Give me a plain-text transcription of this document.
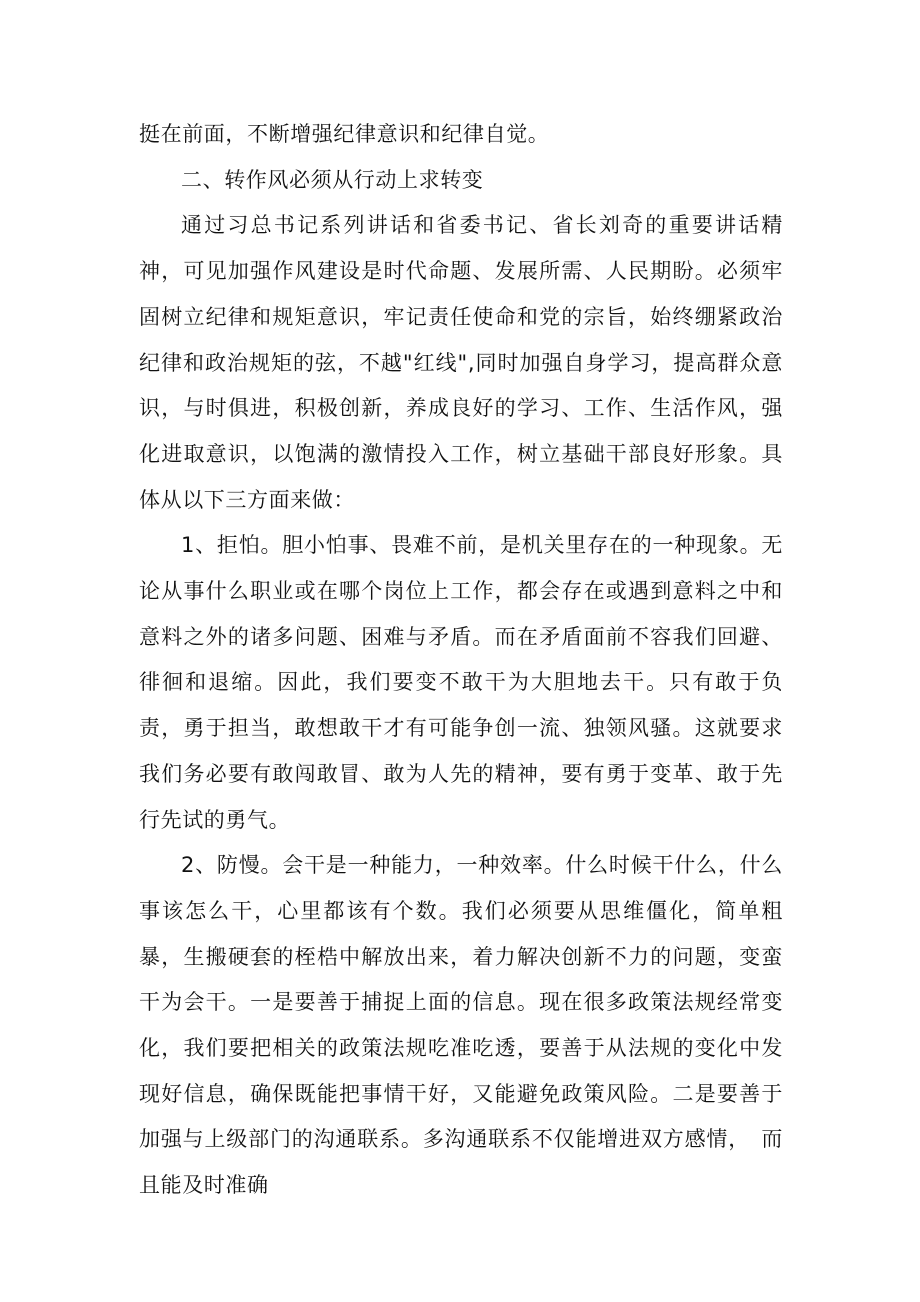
挺在前面，不断增强纪律意识和纪律自觉。

二、转作风必须从行动上求转变

通过习总书记系列讲话和省委书记、省长刘奇的重要讲话精神，可见加强作风建设是时代命题、发展所需、人民期盼。必须牢固树立纪律和规矩意识，牢记责任使命和党的宗旨，始终绷紧政治纪律和政治规矩的弦，不越"红线",同时加强自身学习，提高群众意识，与时俱进，积极创新，养成良好的学习、工作、生活作风，强化进取意识，以饱满的激情投入工作，树立基础干部良好形象。具体从以下三方面来做：

1、拒怕。胆小怕事、畏难不前，是机关里存在的一种现象。无论从事什么职业或在哪个岗位上工作，都会存在或遇到意料之中和意料之外的诸多问题、困难与矛盾。而在矛盾面前不容我们回避、徘徊和退缩。因此，我们要变不敢干为大胆地去干。只有敢于负责，勇于担当，敢想敢干才有可能争创一流、独领风骚。这就要求我们务必要有敢闯敢冒、敢为人先的精神，要有勇于变革、敢于先行先试的勇气。

2、防慢。会干是一种能力，一种效率。什么时候干什么，什么事该怎么干，心里都该有个数。我们必须要从思维僵化，简单粗暴，生搬硬套的桎梏中解放出来，着力解决创新不力的问题，变蛮干为会干。一是要善于捕捉上面的信息。现在很多政策法规经常变化，我们要把相关的政策法规吃准吃透，要善于从法规的变化中发现好信息，确保既能把事情干好，又能避免政策风险。二是要善于加强与上级部门的沟通联系。多沟通联系不仅能增进双方感情，　而且能及时准确
